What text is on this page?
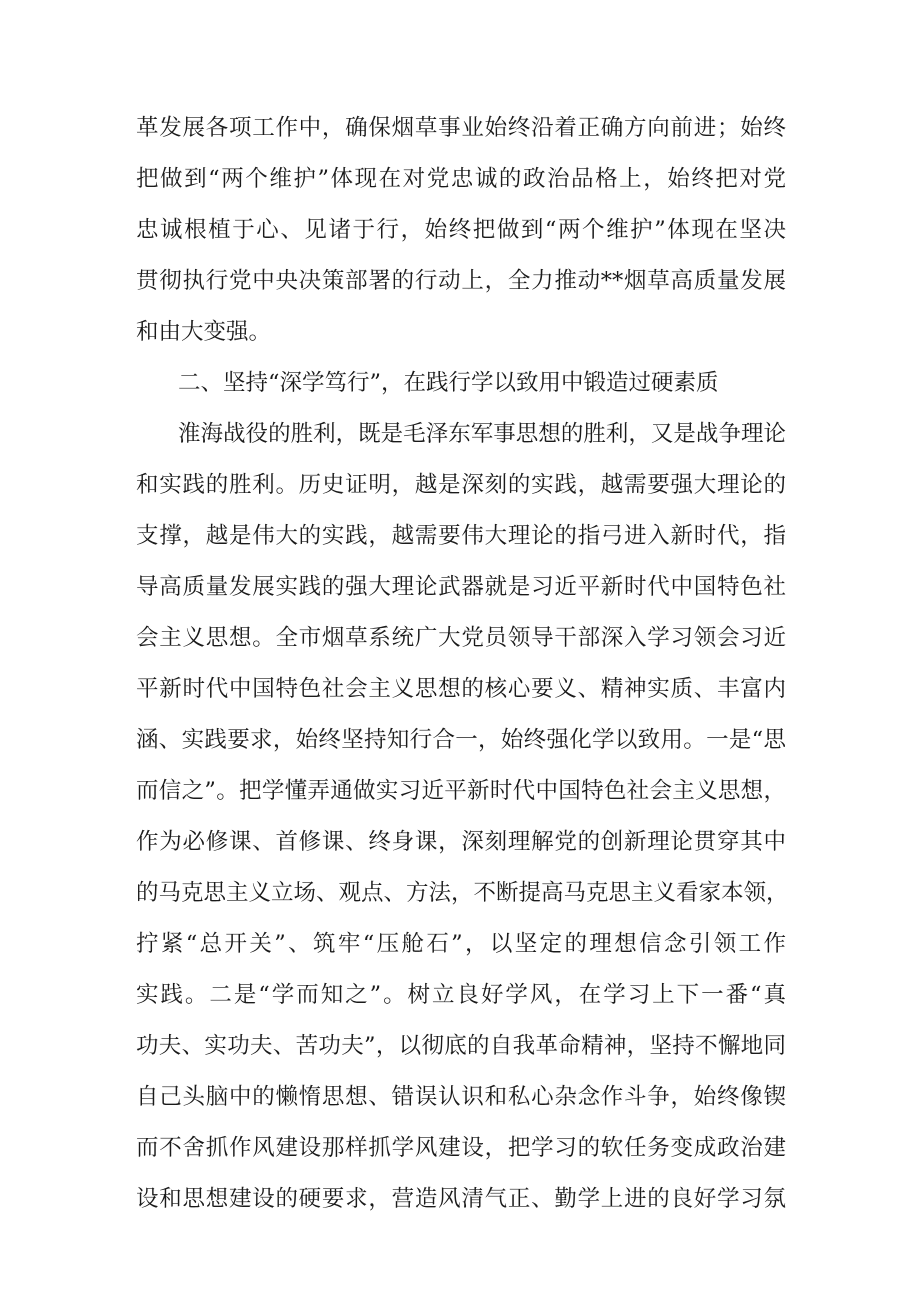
革发展各项工作中，确保烟草事业始终沿着正确方向前进；始终
把做到“两个维护”体现在对党忠诚的政治品格上，始终把对党
忠诚根植于心、见诸于行，始终把做到“两个维护”体现在坚决
贯彻执行党中央决策部署的行动上，全力推动**烟草高质量发展
和由大变强。
二、坚持“深学笃行”，在践行学以致用中锻造过硬素质
淮海战役的胜利，既是毛泽东军事思想的胜利，又是战争理论
和实践的胜利。历史证明，越是深刻的实践，越需要强大理论的
支撑，越是伟大的实践，越需要伟大理论的指弓进入新时代，指
导高质量发展实践的强大理论武器就是习近平新时代中国特色社
会主义思想。全市烟草系统广大党员领导干部深入学习领会习近
平新时代中国特色社会主义思想的核心要义、精神实质、丰富内
涵、实践要求，始终坚持知行合一，始终强化学以致用。一是“思
而信之”。把学懂弄通做实习近平新时代中国特色社会主义思想，
作为必修课、首修课、终身课，深刻理解党的创新理论贯穿其中
的马克思主义立场、观点、方法，不断提高马克思主义看家本领，
拧紧“总开关”、筑牢“压舱石”，以坚定的理想信念引领工作
实践。二是“学而知之”。树立良好学风，在学习上下一番“真
功夫、实功夫、苦功夫”，以彻底的自我革命精神，坚持不懈地同
自己头脑中的懒惰思想、错误认识和私心杂念作斗争，始终像锲
而不舍抓作风建设那样抓学风建设，把学习的软任务变成政治建
设和思想建设的硬要求，营造风清气正、勤学上进的良好学习氛
